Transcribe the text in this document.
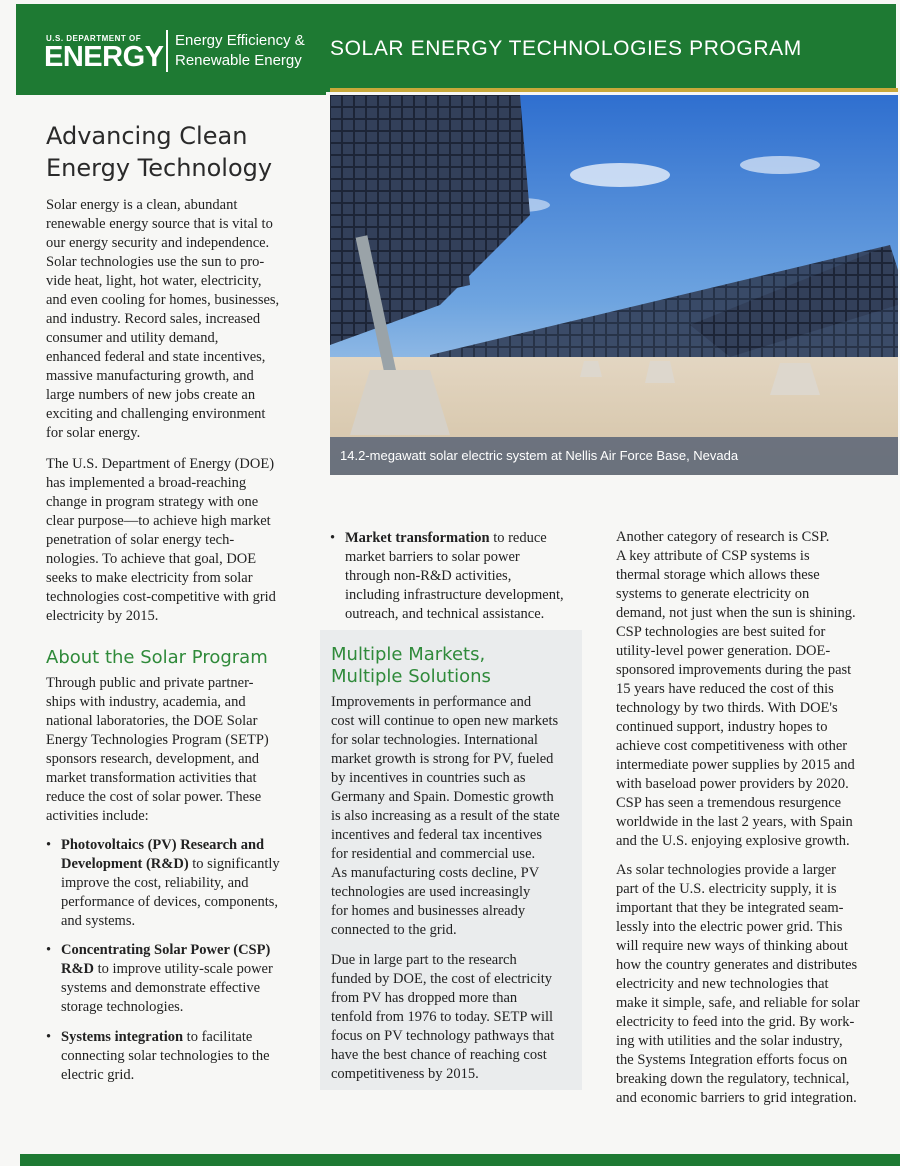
U.S. DEPARTMENT OF
ENERGY
Energy Efficiency &
Renewable Energy
SOLAR ENERGY TECHNOLOGIES PROGRAM
14.2-megawatt solar electric system at Nellis Air Force Base, Nevada
Advancing Clean
Energy Technology
Solar energy is a clean, abundant
renewable energy source that is vital to
our energy security and independence.
Solar technologies use the sun to pro-
vide heat, light, hot water, electricity,
and even cooling for homes, businesses,
and industry. Record sales, increased
consumer and utility demand,
enhanced federal and state incentives,
massive manufacturing growth, and
large numbers of new jobs create an
exciting and challenging environment
for solar energy.
The U.S. Department of Energy (DOE)
has implemented a broad-reaching
change in program strategy with one
clear purpose—to achieve high market
penetration of solar energy tech-
nologies. To achieve that goal, DOE
seeks to make electricity from solar
technologies cost-competitive with grid
electricity by 2015.
About the Solar Program
Through public and private partner-
ships with industry, academia, and
national laboratories, the DOE Solar
Energy Technologies Program (SETP)
sponsors research, development, and
market transformation activities that
reduce the cost of solar power. These
activities include:
• Photovoltaics (PV) Research and
Development (R&D) to significantly
improve the cost, reliability, and
performance of devices, components,
and systems.
• Concentrating Solar Power (CSP)
R&D to improve utility-scale power
systems and demonstrate effective
storage technologies.
• Systems integration to facilitate
connecting solar technologies to the
electric grid.
• Market transformation to reduce
market barriers to solar power
through non-R&D activities,
including infrastructure development,
outreach, and technical assistance.
Multiple Markets,
Multiple Solutions
Improvements in performance and
cost will continue to open new markets
for solar technologies. International
market growth is strong for PV, fueled
by incentives in countries such as
Germany and Spain. Domestic growth
is also increasing as a result of the state
incentives and federal tax incentives
for residential and commercial use.
As manufacturing costs decline, PV
technologies are used increasingly
for homes and businesses already
connected to the grid.
Due in large part to the research
funded by DOE, the cost of electricity
from PV has dropped more than
tenfold from 1976 to today. SETP will
focus on PV technology pathways that
have the best chance of reaching cost
competitiveness by 2015.
Another category of research is CSP.
A key attribute of CSP systems is
thermal storage which allows these
systems to generate electricity on
demand, not just when the sun is shining.
CSP technologies are best suited for
utility-level power generation. DOE-
sponsored improvements during the past
15 years have reduced the cost of this
technology by two thirds. With DOE's
continued support, industry hopes to
achieve cost competitiveness with other
intermediate power supplies by 2015 and
with baseload power providers by 2020.
CSP has seen a tremendous resurgence
worldwide in the last 2 years, with Spain
and the U.S. enjoying explosive growth.
As solar technologies provide a larger
part of the U.S. electricity supply, it is
important that they be integrated seam-
lessly into the electric power grid. This
will require new ways of thinking about
how the country generates and distributes
electricity and new technologies that
make it simple, safe, and reliable for solar
electricity to feed into the grid. By work-
ing with utilities and the solar industry,
the Systems Integration efforts focus on
breaking down the regulatory, technical,
and economic barriers to grid integration.
